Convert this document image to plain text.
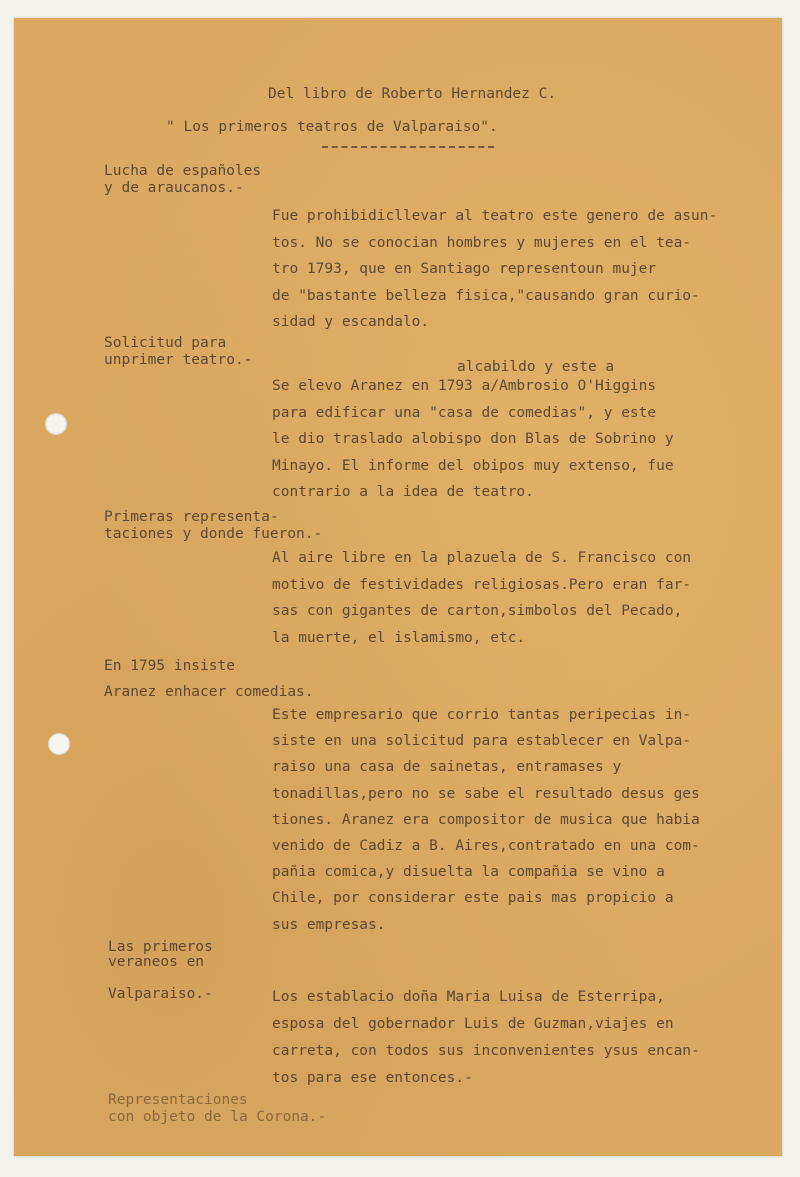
Del libro de Roberto Hernandez C.

" Los primeros teatros de Valparaiso".

Lucha de españoles
y de araucanos.-

Fue prohibidicllevar al teatro este genero de asun-
tos. No se conocian hombres y mujeres en el tea-
tro 1793, que en Santiago representoun mujer
de "bastante belleza fisica,"causando gran curio-
sidad y escandalo.

Solicitud para
unprimer teatro.-	alcabildo y este a

Se elevo Aranez en 1793 a/Ambrosio O'Higgins
para edificar una "casa de comedias", y este
le dio traslado alobispo don Blas de Sobrino y
Minayo. El informe del obipos muy extenso, fue
contrario a la idea de teatro.

Primeras representa-
taciones y donde fueron.-

Al aire libre en la plazuela de S. Francisco con
motivo de festividades religiosas.Pero eran far-
sas con gigantes de carton,simbolos del Pecado,
la muerte, el islamismo, etc.

En 1795 insiste
Aranez enhacer comedias.

Este empresario que corrio tantas peripecias in-
siste en una solicitud para establecer en Valpa-
raiso una casa de sainetas, entramases y
tonadillas,pero no se sabe el resultado desus ges
tiones. Aranez era compositor de musica que habia
venido de Cadiz a B. Aires,contratado en una com-
pañia comica,y disuelta la compañia se vino a
Chile, por considerar este pais mas propicio a
sus empresas.

Las primeros
veraneos en

Valparaiso.-	Los establacio doña Maria Luisa de Esterripa,
esposa del gobernador Luis de Guzman,viajes en
carreta, con todos sus inconvenientes ysus encan-
tos para ese entonces.-

Representaciones
con objeto de la Corona.-
